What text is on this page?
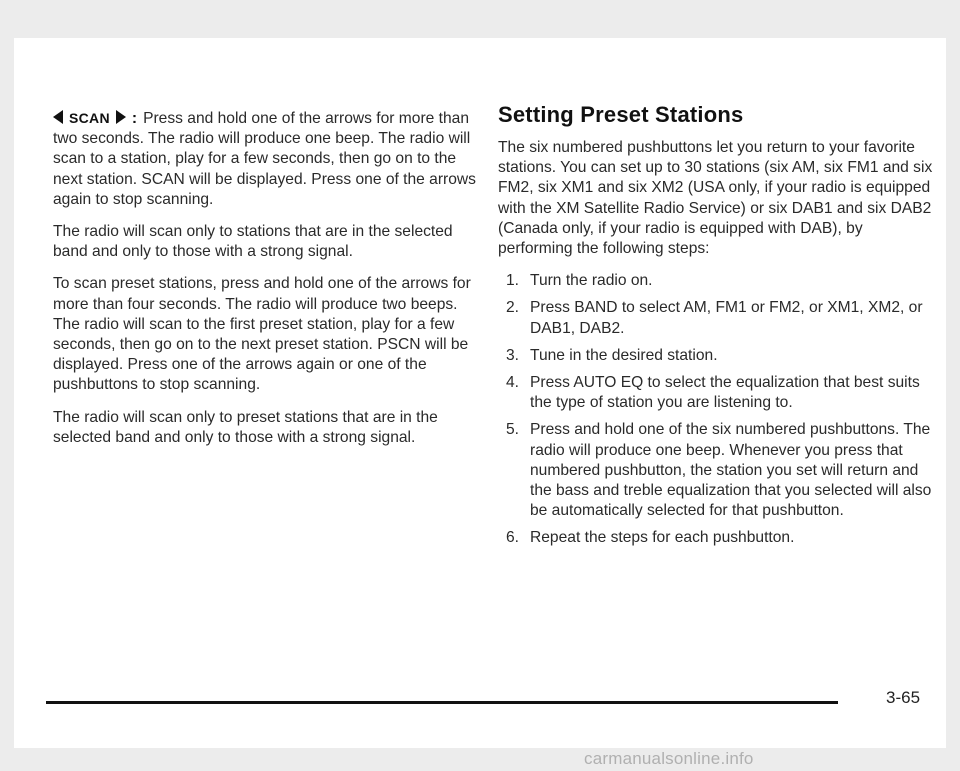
SCAN : Press and hold one of the arrows for more than two seconds. The radio will produce one beep. The radio will scan to a station, play for a few seconds, then go on to the next station. SCAN will be displayed. Press one of the arrows again to stop scanning.

The radio will scan only to stations that are in the selected band and only to those with a strong signal.

To scan preset stations, press and hold one of the arrows for more than four seconds. The radio will produce two beeps. The radio will scan to the first preset station, play for a few seconds, then go on to the next preset station. PSCN will be displayed. Press one of the arrows again or one of the pushbuttons to stop scanning.

The radio will scan only to preset stations that are in the selected band and only to those with a strong signal.

Setting Preset Stations

The six numbered pushbuttons let you return to your favorite stations. You can set up to 30 stations (six AM, six FM1 and six FM2, six XM1 and six XM2 (USA only, if your radio is equipped with the XM Satellite Radio Service) or six DAB1 and six DAB2 (Canada only, if your radio is equipped with DAB), by performing the following steps:

1. Turn the radio on.
2. Press BAND to select AM, FM1 or FM2, or XM1, XM2, or DAB1, DAB2.
3. Tune in the desired station.
4. Press AUTO EQ to select the equalization that best suits the type of station you are listening to.
5. Press and hold one of the six numbered pushbuttons. The radio will produce one beep. Whenever you press that numbered pushbutton, the station you set will return and the bass and treble equalization that you selected will also be automatically selected for that pushbutton.
6. Repeat the steps for each pushbutton.
3-65
carmanualsonline.info
